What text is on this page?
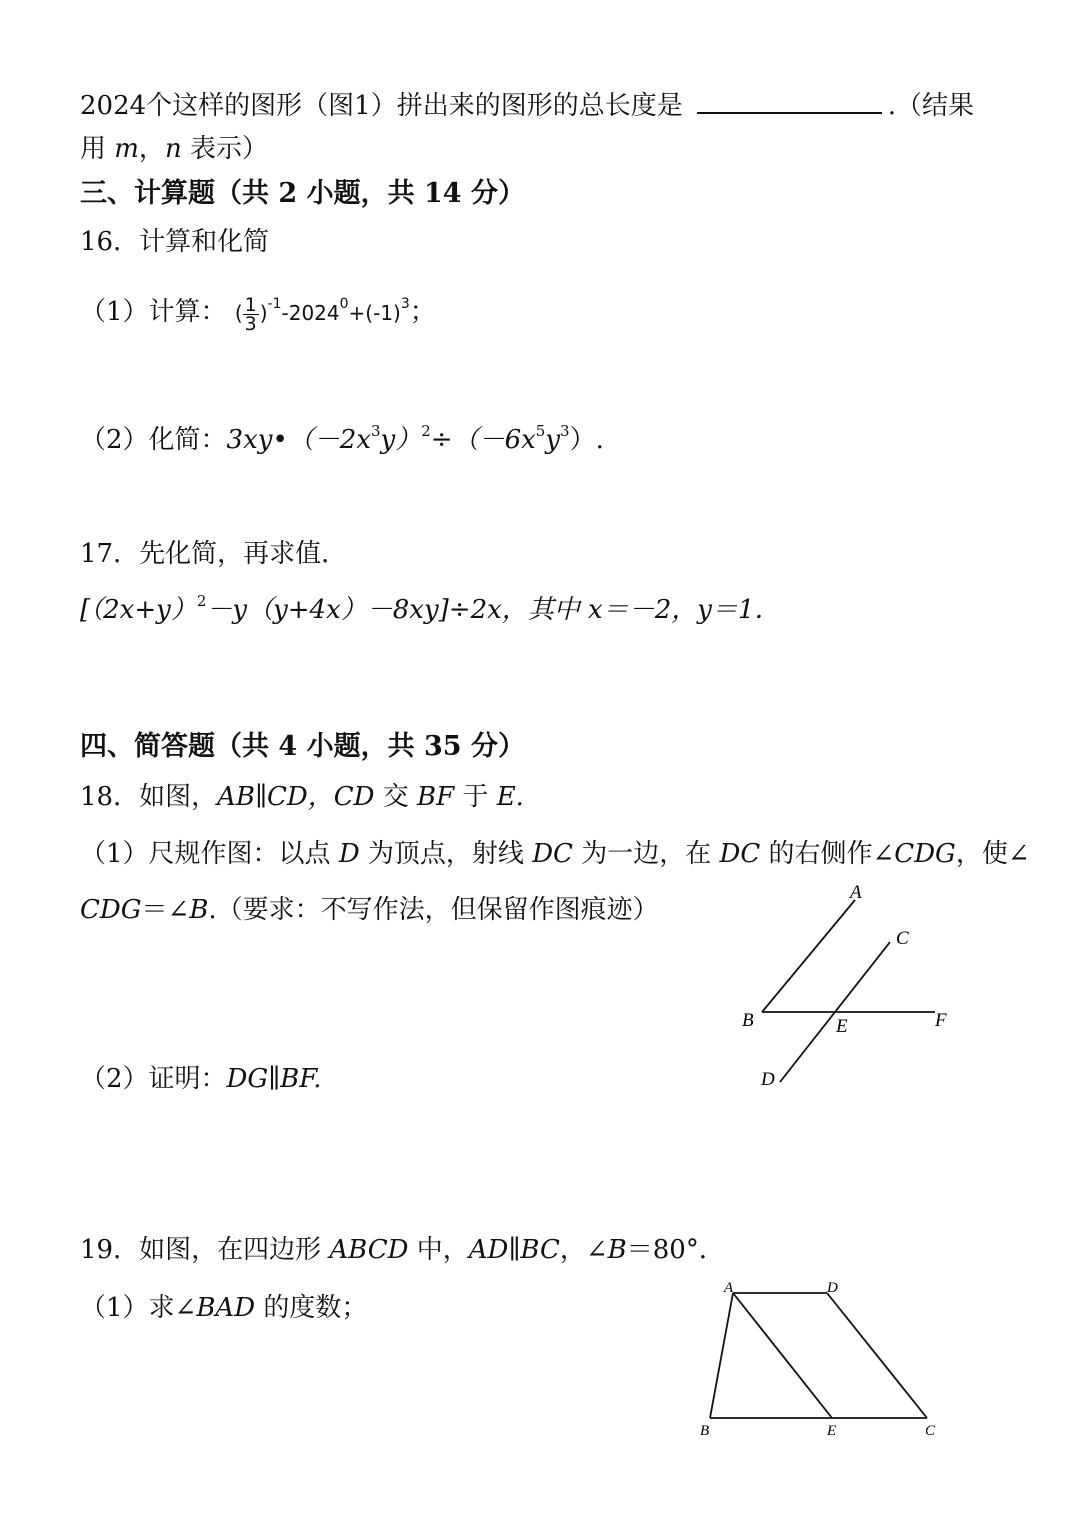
2024个这样的图形（图1）拼出来的图形的总长度是	.（结果
用 m，n 表示）
三、计算题（共 2 小题，共 14 分）
16．计算和化简
（1）计算： ( $\frac{1}{3} )^{-1}-2024^0+(-1)^3$；
（2）化简：$3xy•(-2x^3y)^2\div(-6x^5y^3)$.
17．先化简，再求值．
$[(2x+y)^2-y(y+4x)-8xy]\div 2x$，其中 x＝－2，y＝1．
四、简答题（共 4 小题，共 35 分）
18．如图，AB∥CD，CD 交 BF 于 E.
（1）尺规作图：以点 D 为顶点，射线 DC 为一边，在 DC 的右侧作∠CDG，使∠
CDG＝∠B.（要求：不写作法，但保留作图痕迹）
（2）证明：DG∥BF.
A
B
C
D
E	F
19．如图，在四边形 ABCD 中，AD∥BC，∠B＝80°．
（1）求∠BAD 的度数；
A	D
B	E	C
